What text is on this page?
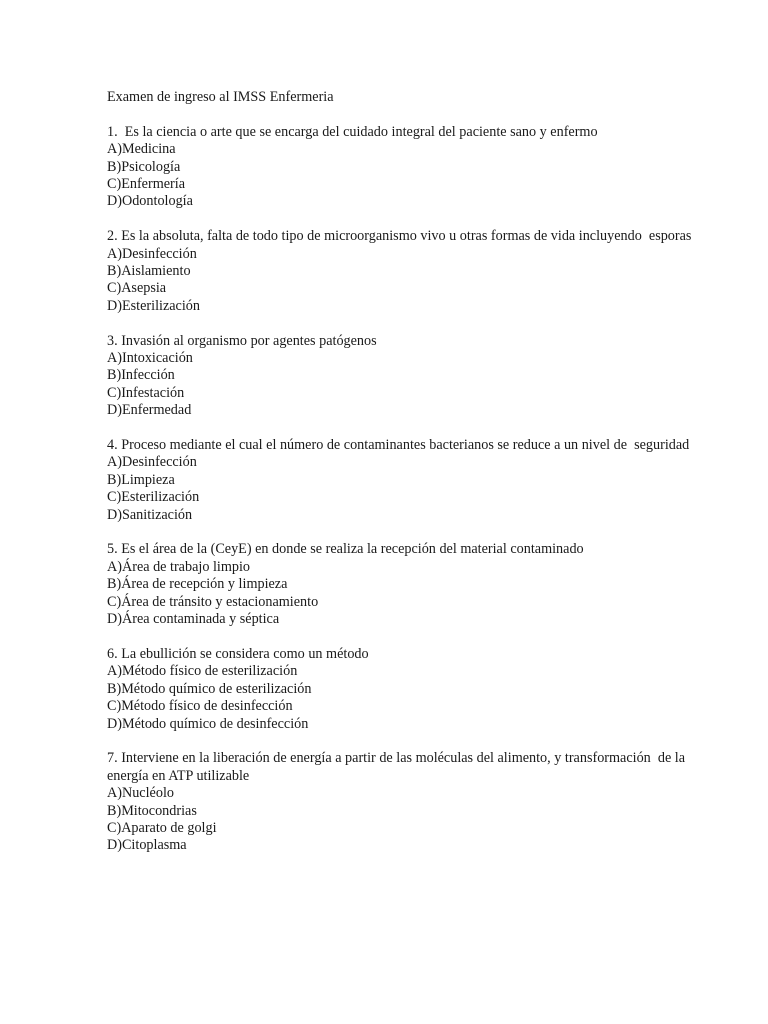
Examen de ingreso al IMSS Enfermeria
1.  Es la ciencia o arte que se encarga del cuidado integral del paciente sano y enfermo
A)Medicina
B)Psicología
C)Enfermería
D)Odontología
2. Es la absoluta, falta de todo tipo de microorganismo vivo u otras formas de vida incluyendo  esporas
A)Desinfección
B)Aislamiento
C)Asepsia
D)Esterilización
3. Invasión al organismo por agentes patógenos
A)Intoxicación
B)Infección
C)Infestación
D)Enfermedad
4. Proceso mediante el cual el número de contaminantes bacterianos se reduce a un nivel de  seguridad
A)Desinfección
B)Limpieza
C)Esterilización
D)Sanitización
5. Es el área de la (CeyE) en donde se realiza la recepción del material contaminado
A)Área de trabajo limpio
B)Área de recepción y limpieza
C)Área de tránsito y estacionamiento
D)Área contaminada y séptica
6. La ebullición se considera como un método
A)Método físico de esterilización
B)Método químico de esterilización
C)Método físico de desinfección
D)Método químico de desinfección
7. Interviene en la liberación de energía a partir de las moléculas del alimento, y transformación  de la energía en ATP utilizable
A)Nucléolo
B)Mitocondrias
C)Aparato de golgi
D)Citoplasma
